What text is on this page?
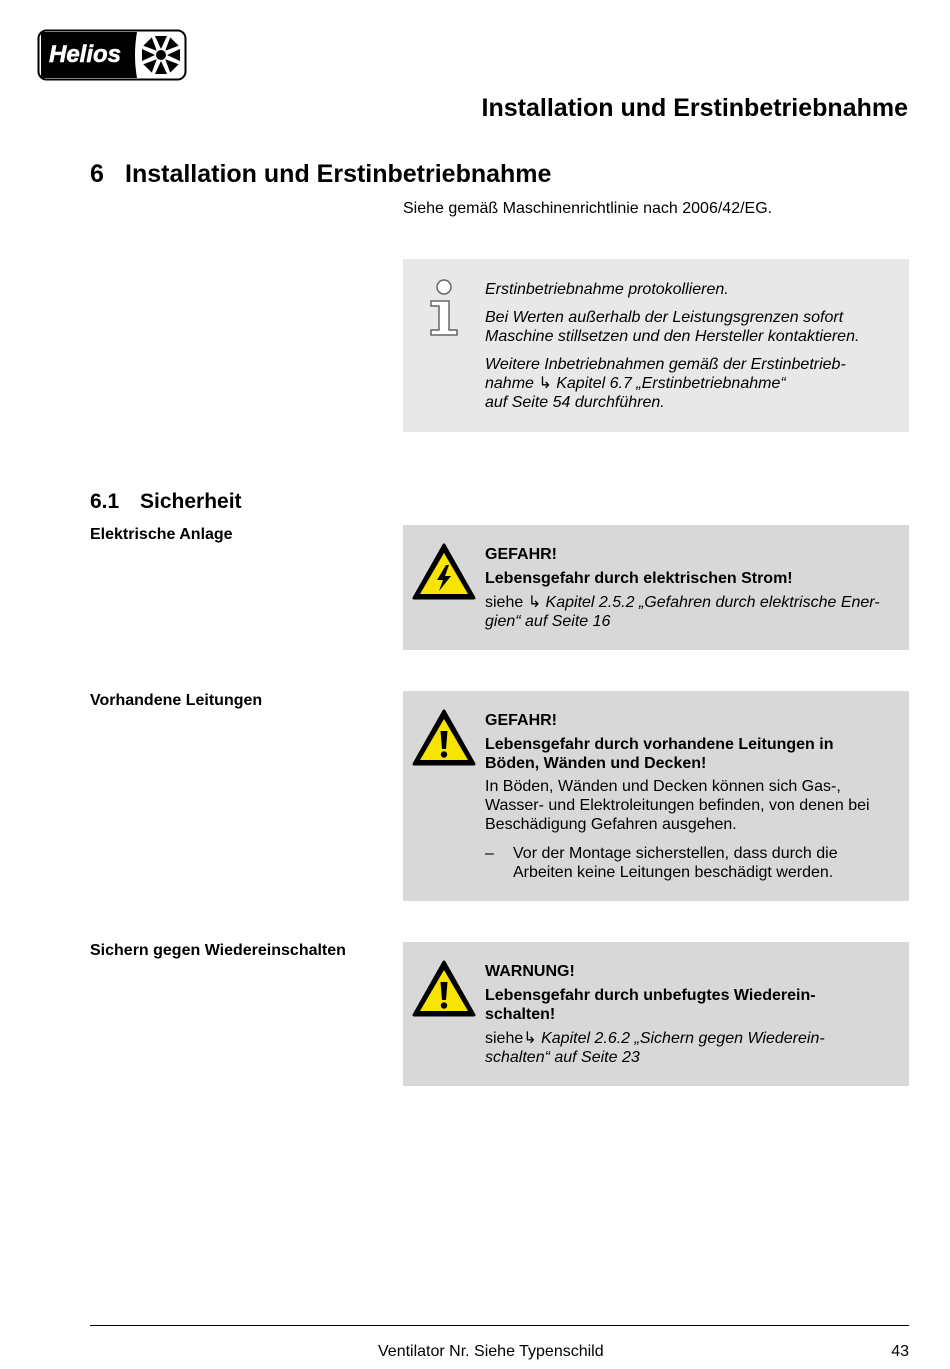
Helios
Installation und Erstinbetriebnahme
6 Installation und Erstinbetriebnahme
Siehe gemäß Maschinenrichtlinie nach 2006/42/EG.

Erstinbetriebnahme protokollieren.

Bei Werten außerhalb der Leistungsgrenzen sofort

Maschine stillsetzen und den Hersteller kontaktieren.

Weitere Inbetriebnahmen gemäß der Erstinbetrieb-

nahme ↳ Kapitel 6.7 „Erstinbetriebnahme“

auf Seite 54 durchführen.

6.1 Sicherheit
Elektrische Anlage

GEFAHR!

Lebensgefahr durch elektrischen Strom!

siehe ↳ Kapitel 2.5.2 „Gefahren durch elektrische Ener-

gien“ auf Seite 16

Vorhandene Leitungen

GEFAHR!

Lebensgefahr durch vorhandene Leitungen in

Böden, Wänden und Decken!

In Böden, Wänden und Decken können sich Gas-,

Wasser- und Elektroleitungen befinden, von denen bei

Beschädigung Gefahren ausgehen.

– Vor der Montage sicherstellen, dass durch die

Arbeiten keine Leitungen beschädigt werden.

Sichern gegen Wiedereinschalten

WARNUNG!

Lebensgefahr durch unbefugtes Wiederein-

schalten!

siehe↳ Kapitel 2.6.2 „Sichern gegen Wiederein-

schalten“ auf Seite 23

Ventilator Nr. Siehe Typenschild	43
